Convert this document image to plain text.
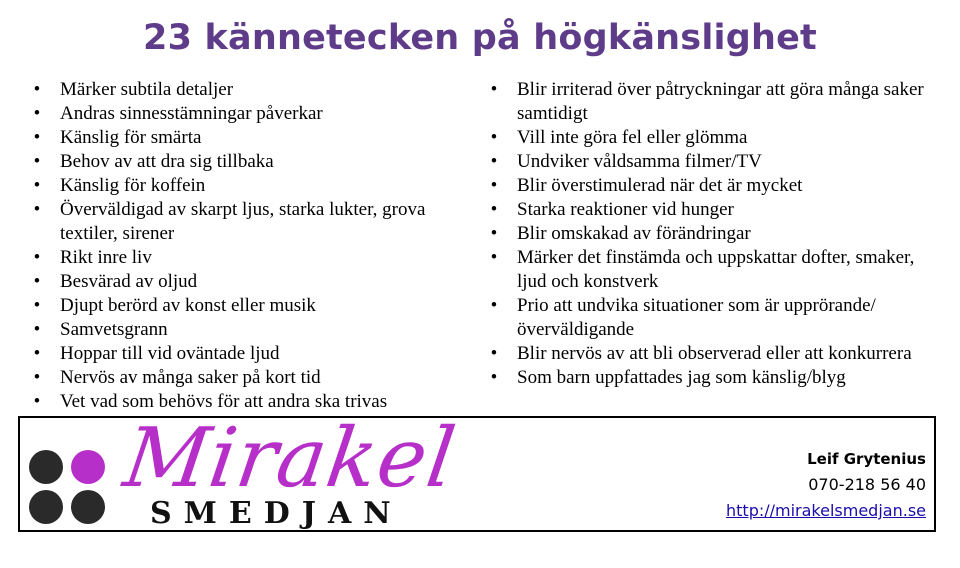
23 kännetecken på högkänslighet
• Märker subtila detaljer
• Andras sinnesstämningar påverkar
• Känslig för smärta
• Behov av att dra sig tillbaka
• Känslig för koffein
• Överväldigad av skarpt ljus, starka lukter, grova textiler, sirener
• Rikt inre liv
• Besvärad av oljud
• Djupt berörd av konst eller musik
• Samvetsgrann
• Hoppar till vid oväntade ljud
• Nervös av många saker på kort tid
• Vet vad som behövs för att andra ska trivas
• Blir irriterad över påtryckningar att göra många saker samtidigt
• Vill inte göra fel eller glömma
• Undviker våldsamma filmer/TV
• Blir överstimulerad när det är mycket
• Starka reaktioner vid hunger
• Blir omskakad av förändringar
• Märker det finstämda och uppskattar dofter, smaker, ljud och konstverk
• Prio att undvika situationer som är upprörande/överväldigande
• Blir nervös av att bli observerad eller att konkurrera
• Som barn uppfattades jag som känslig/blyg
Mirakel
SMEDJAN
Leif Grytenius
070-218 56 40
http://mirakelsmedjan.se
